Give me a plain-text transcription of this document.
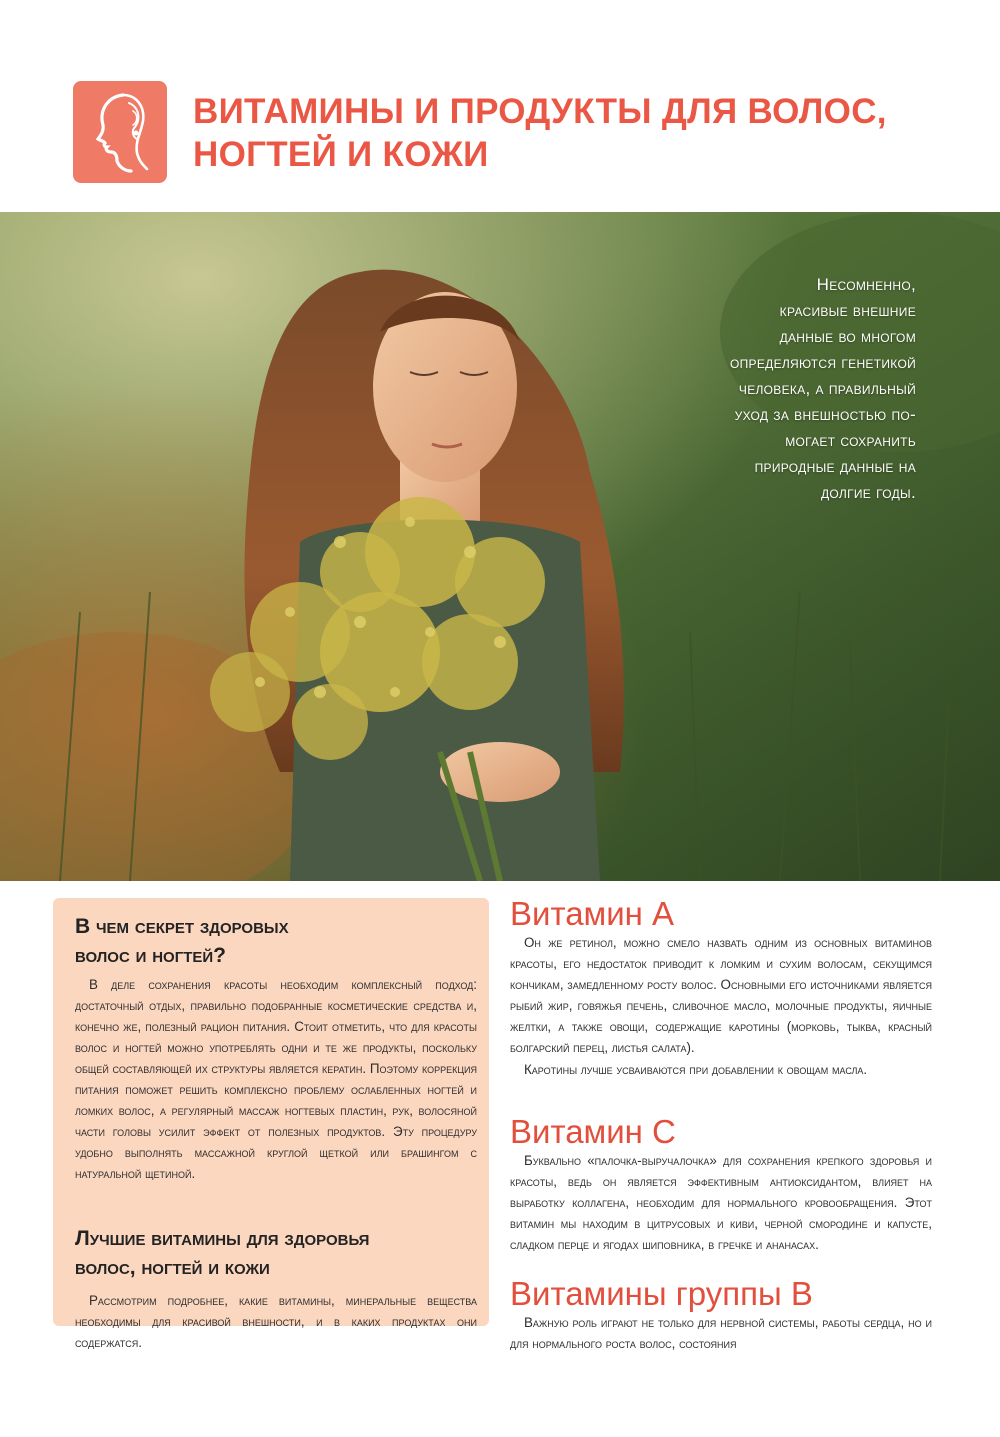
ВИТАМИНЫ И ПРОДУКТЫ ДЛЯ ВОЛОС,
НОГТЕЙ И КОЖИ
Несомненно,
красивые внешние
данные во многом
определяются генетикой
человека, а правильный
уход за внешностью по-
могает сохранить
природные данные на
долгие годы.
В чем секрет здоровых
волос и ногтей?

В деле сохранения красоты необходим комплексный подход: достаточный отдых, правильно подобранные косметические средства и, конечно же, полезный рацион питания. Стоит отметить, что для красоты волос и ногтей можно употреблять одни и те же продукты, поскольку общей составляющей их структуры является кератин. Поэтому коррекция питания поможет решить комплексно проблему ослабленных ногтей и ломких волос, а регулярный массаж ногтевых пластин, рук, волосяной части головы усилит эффект от полезных продуктов. Эту процедуру удобно выполнять массажной круглой щеткой или брашингом с натуральной щетиной.

Лучшие витамины для здоровья
волос, ногтей и кожи

Рассмотрим подробнее, какие витамины, минеральные вещества необходимы для красивой внешности, и в каких продуктах они содержатся.

Витамин А

Он же ретинол, можно смело назвать одним из основных витаминов красоты, его недостаток приводит к ломким и сухим волосам, секущимся кончикам, замедленному росту волос. Основными его источниками является рыбий жир, говяжья печень, сливочное масло, молочные продукты, яичные желтки, а также овощи, содержащие каротины (морковь, тыква, красный болгарский перец, листья салата).

Каротины лучше усваиваются при добавлении к овощам масла.

Витамин С

Буквально «палочка-выручалочка» для сохранения крепкого здоровья и красоты, ведь он является эффективным антиоксидантом, влияет на выработку коллагена, необходим для нормального кровообращения. Этот витамин мы находим в цитрусовых и киви, черной смородине и капусте, сладком перце и ягодах шиповника, в гречке и ананасах.

Витамины группы В

Важную роль играют не только для нервной системы, работы сердца, но и для нормального роста волос, состояния
